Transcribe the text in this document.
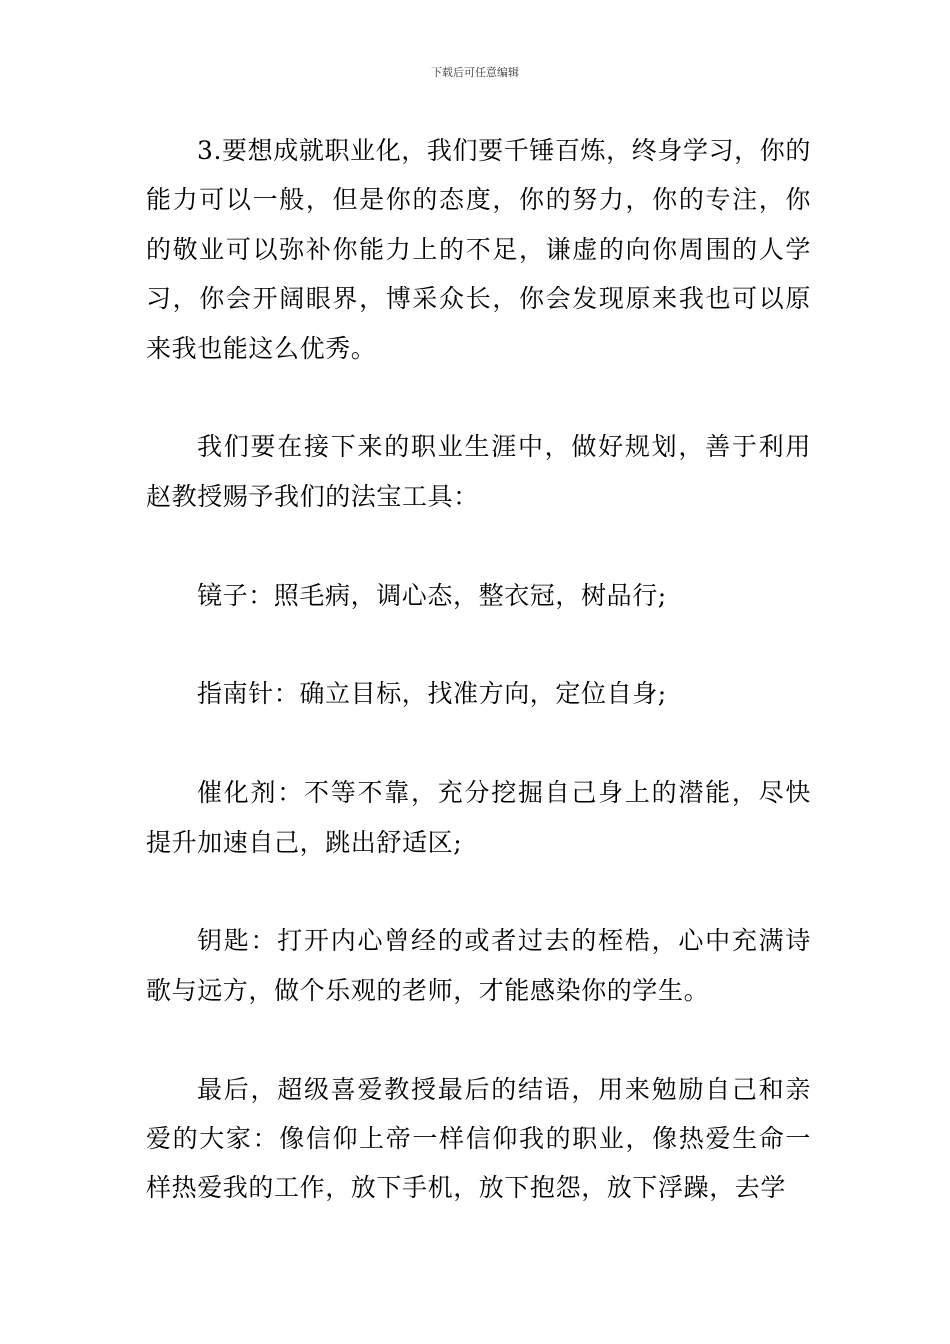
下载后可任意编辑

3.要想成就职业化，我们要千锤百炼，终身学习，你的能力可以一般，但是你的态度，你的努力，你的专注，你的敬业可以弥补你能力上的不足，谦虚的向你周围的人学习，你会开阔眼界，博采众长，你会发现原来我也可以原来我也能这么优秀。

我们要在接下来的职业生涯中，做好规划，善于利用赵教授赐予我们的法宝工具：

镜子：照毛病，调心态，整衣冠，树品行;

指南针：确立目标，找准方向，定位自身;

催化剂：不等不靠，充分挖掘自己身上的潜能，尽快提升加速自己，跳出舒适区;

钥匙：打开内心曾经的或者过去的桎梏，心中充满诗歌与远方，做个乐观的老师，才能感染你的学生。

最后，超级喜爱教授最后的结语，用来勉励自己和亲爱的大家：像信仰上帝一样信仰我的职业，像热爱生命一样热爱我的工作，放下手机，放下抱怨，放下浮躁，去学
